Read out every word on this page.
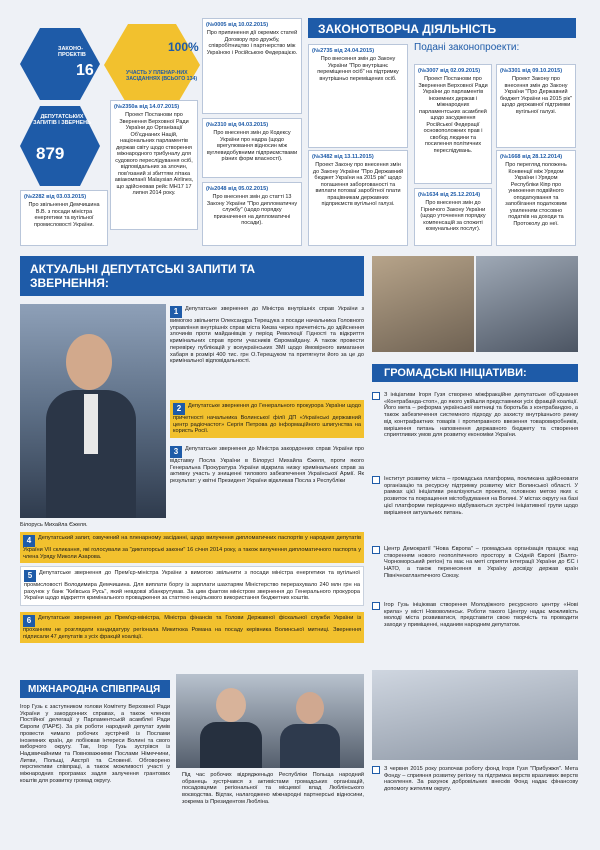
ЗАКОНО-ПРОЕКТІВ
16
100%
УЧАСТЬ У ПЛЕНАР-НИХ ЗАСІДАННЯХ (ВСЬОГО 134)
ДЕПУТАТСЬКИХ ЗАПИТІВ І ЗВЕРНЕНЬ
879
(№2282 від 03.03.2015)

Про звільнення Демчишина В.В. з посади міністра енергетики та вугільної промисловості України.

ЗАКОНОТВОРЧА ДІЯЛЬНІСТЬ
Подані законопроекти:
(№0005 від 10.02.2015)

Про припинення дії окремих статей Договору про дружбу, співробітництво і партнерство між Україною і Російською Федерацією.	(№2735 від 24.04.2015)

Про внесення змін до Закону України "Про внутрішнє переміщення осіб" на підтримку внутрішньо переміщених осіб.

(№3007 від 02.09.2015)

Проект Постанови про Звернення Верховної Ради України до парламентів іноземних держав і міжнародних парламентських асамблей щодо засудження Російської Федерації основоположних прав і свобод людини та посилення політичних переслідувань.

(№3301 від 09.10.2015)

Проект Закону про внесення змін до Закону України "Про Державний бюджет України на 2015 рік" щодо державної підтримки вугільної галузі.

(№2350а від 14.07.2015)

Проект Постанови про Звернення Верховної Ради України до Організації Об'єднаних Націй, національних парламентів держав світу щодо створення міжнародного трибуналу для судового переслідування осіб, відповідальних за злочин, пов'язаний зі збиттям літака авіакомпанії Malaysian Airlines, що здійснював рейс MH17 17 липня 2014 року.

(№2310 від 04.03.2015)

Про внесення змін до Кодексу України про надра (щодо врегулювання відносин між вуглевидобувними підприємствами різних форм власності).	(№3482 від 13.11.2015)

Проект Закону про внесення змін до Закону України "Про Державний бюджет України на 2015 рік" щодо погашення заборгованості та виплати потоваї заробітної плати працівникам державних підприємств вугільної галузі.

(№1634 від 25.12.2014)

Про внесення змін до Гірничого Закону України (щодо уточнення порядку компенсацій за спожиті комунальних послуг).

(№1668 від 28.12.2014)

Про перегляд положень Конвенції між Урядом України і Урядом Республіки Кіпр про уникнення подвійного оподаткування та запобігання податковим ухиленням стосовно податків на доходи та Протоколу до неї.

(№2048 від 05.02.2015)

Про внесення змін до статті 13 Закону України "Про дипломатичну службу" (щодо порядку призначення на дипломатичні посади).

АКТУАЛЬНІ ДЕПУТАТСЬКІ ЗАПИТИ ТА ЗВЕРНЕННЯ:
1 Депутатське звернення до Міністра внутрішніх справ України з вимогою звільнити Олександра Терещука з посади начальника Головного управління внутрішніх справ міста Києва через причетність до здійснення злочинів проти майданівців у період Революції Гідності та відкриття кримінальних справ проти учасників Євромайдану. А також провести перевірку публікацій у всеукраїнських ЗМІ щодо ймовірного вимагання хабаря в розмірі 400 тис. грн О.Терещуком та притягнути його за це до кримінальної відповідальності.
2 Депутатське звернення до Генерального прокурора України щодо причетності начальника Волинської філії ДП «Українські державний центр радіочастот» Сергія Петрова до інформаційного шпигунства на користь Росії.
3 Депутатське звернення до Міністра закордонних справ України про відставку Посла України в Білорусі Михайла Єжеля, проти якого Генеральна Прокуратура України відкрила низку кримінальних справ за активну участь у знищенні тилового забезпечення Української Армії. Як результат: у квітні Президент України відкликав Посла з Республіки
Білорусь Михайла Єжеля.
4 Депутатський запит, озвучений на пленарному засіданні, щодо вилучення дипломатичних паспортів у народних депутатів України VII скликання, які голосували за "диктаторські закони" 16 січня 2014 року, а також вилучення дипломатичного паспорта у члена Уряду Миколи Азарова.
5 Депутатське звернення до Прем'єр-міністра України з вимогою звільнити з посади міністра енергетики та вугільної промисловості Володимира Демчишина. Для виплати боргу із зарплати шахтарям Міністерство перерахувало 240 млн грн на рахунок у банк "Київська Русь", який невдовзі збанкрутував. За цим фактом міністром звернення до Генерального прокурора України щодо відкриття кримінального провадження за статтею нецільового використання бюджетних коштів.
6 Депутатське звернення до Прем'єр-міністра, Міністра фінансів та Голови Державної фіскальної служби України із проханням не розглядати кандидатуру регіонала Микитюка Романа на посаду керівника Волинської митниці. Звернення підписали 47 депутатів з усіх фракцій коаліції.
ГРОМАДСЬКІ ІНІЦІАТИВИ:
З ініціативи Ігоря Гузя створено міжфракційне депутатське об'єднання «Контрабанда-стоп», до якого увійшли представники усіх фракцій коаліції. Його мета – реформа української митниці та боротьба з контрабандою, а також забезпечення системного підходу до захисту внутрішнього ринку від контрафактних товарів і протиправного ввезення товаровиробників, вирішення питань наповнення державного бюджету та створення сприятливих умов для розвитку економіки України.
Інститут розвитку міста – громадська платформа, покликана здійснювати організацію та ресурсну підтримку розвитку міст Волинської області. У рамках цієї ініціативи реалізуються проекти, головною метою яких є розвиток та покращення містобудування на Волині. У містах округу на базі цієї платформи періодично відбуваються зустрічі ініціативної групи щодо вирішення актуальних питань.
Центр Демократії "Нова Європа" – громадська організація працює над створенням нового геополітичного простору в Східній Європі (Балто-Чорноморський регіон) та має на меті сприяти інтеграції України до ЄС і НАТО, а також перенесення в Україну досвіду держав країн Північноатлантичного Союзу.
Ігор Гузь ініціював створення Молодіжного ресурсного центру «Нові крила» у місті Нововолинськ. Роботи такого Центру надає можливість молоді міста розвиватися, представити свою творчість та проводити заходи у приміщенні, наданим народним депутатом.
З червня 2015 року розпочав роботу фонд Ігоря Гузя "Прибужжя". Мета Фонду – сприяння розвитку регіону та підтримка верств вразливих верств населення. За рахунок добровільних внесків Фонд надає фінансову допомогу жителям округу.
МІЖНАРОДНА СПІВПРАЦЯ
Ігор Гузь є заступником голови Комітету Верховної Ради України у закордонних справах, а також членом Постійної делегації у Парламентській асамблеї Ради Європи (ПАРЄ). За рік роботи народний депутат зумів провести чимало робочих зустрічей із Послами іноземних країн, де лобіював інтереси Волині та свого виборчого округу. Так, Ігор Гузь зустрівся із Надзвичайними та Повноважними Послами Німеччини, Литви, Польщі, Австрії та Словенії. Обговорено перспективи співпраці, а також можливості участі у міжнародних програмах задля залучення грантових коштів для розвитку громад округу.
Під час робочих відрядженьдо Республіки Польща народний обранець зустрічався з активістами громадських організацій, посадовцями регіональної та місцевої влад Люблінського воєводства. Відтак, налагоджено міжнародні партнерські відносини, зокрема із Президентом Любліна.
